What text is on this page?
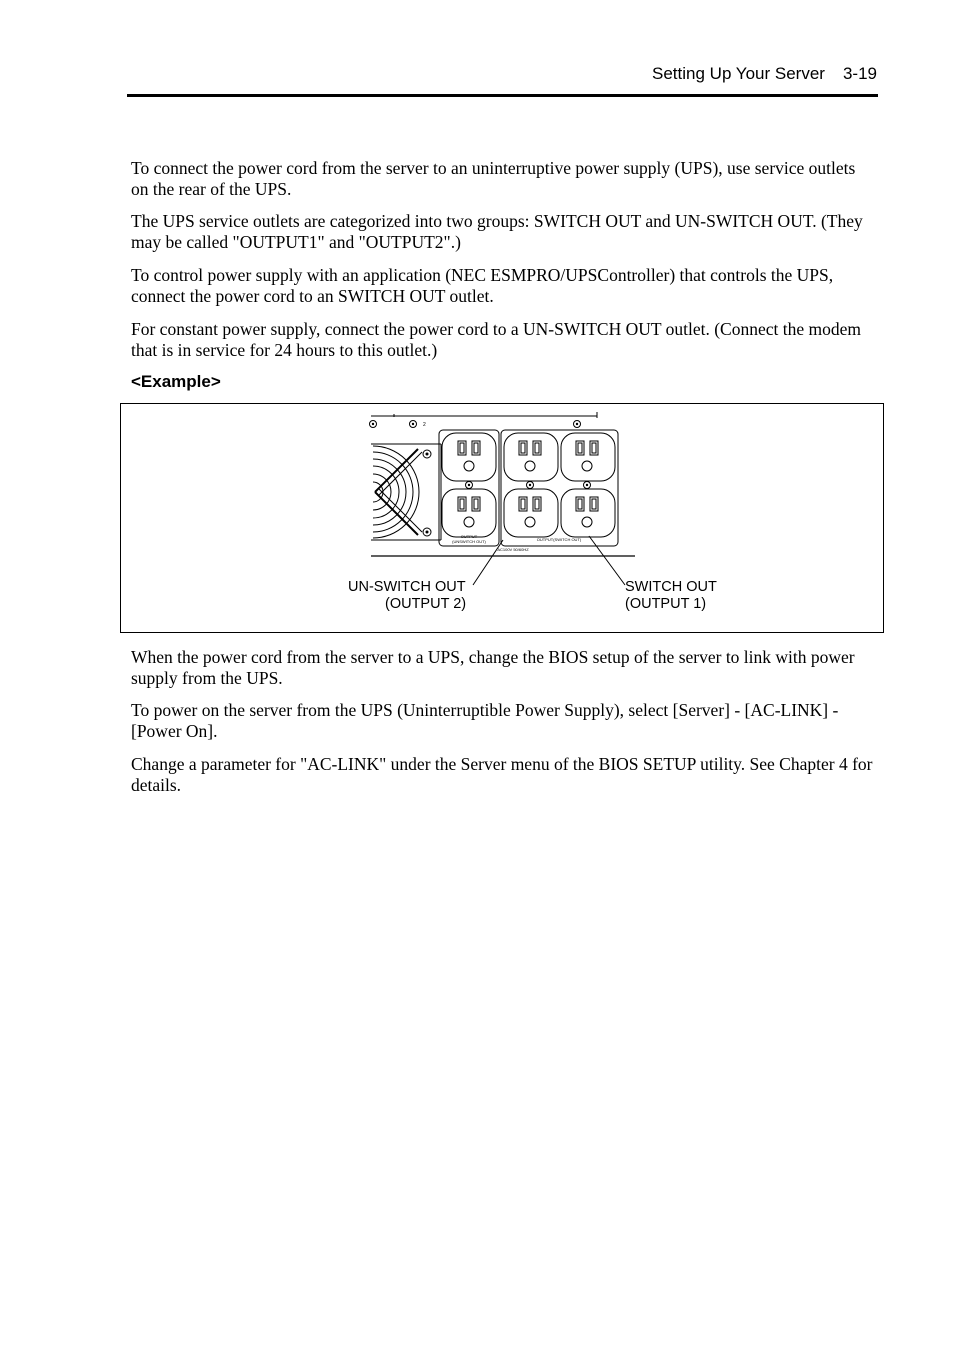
Setting Up Your Server 3-19

To connect the power cord from the server to an uninterruptive power supply (UPS), use service outlets on the rear of the UPS.

The UPS service outlets are categorized into two groups: SWITCH OUT and UN-SWITCH OUT. (They may be called "OUTPUT1" and "OUTPUT2".)

To control power supply with an application (NEC ESMPRO/UPSController) that controls the UPS, connect the power cord to an SWITCH OUT outlet.

For constant power supply, connect the power cord to a UN-SWITCH OUT outlet. (Connect the modem that is in service for 24 hours to this outlet.)

<Example>
2
OUTPUT
(UNSWITCH OUT)	OUTPUT(SWITCH OUT)
AC100V 50/60HZ
UN-SWITCH OUT
(OUTPUT 2)
SWITCH OUT
(OUTPUT 1)

When the power cord from the server to a UPS, change the BIOS setup of the server to link with power supply from the UPS.

To power on the server from the UPS (Uninterruptible Power Supply), select [Server] - [AC-LINK] - [Power On].

Change a parameter for "AC-LINK" under the Server menu of the BIOS SETUP utility. See Chapter 4 for details.
